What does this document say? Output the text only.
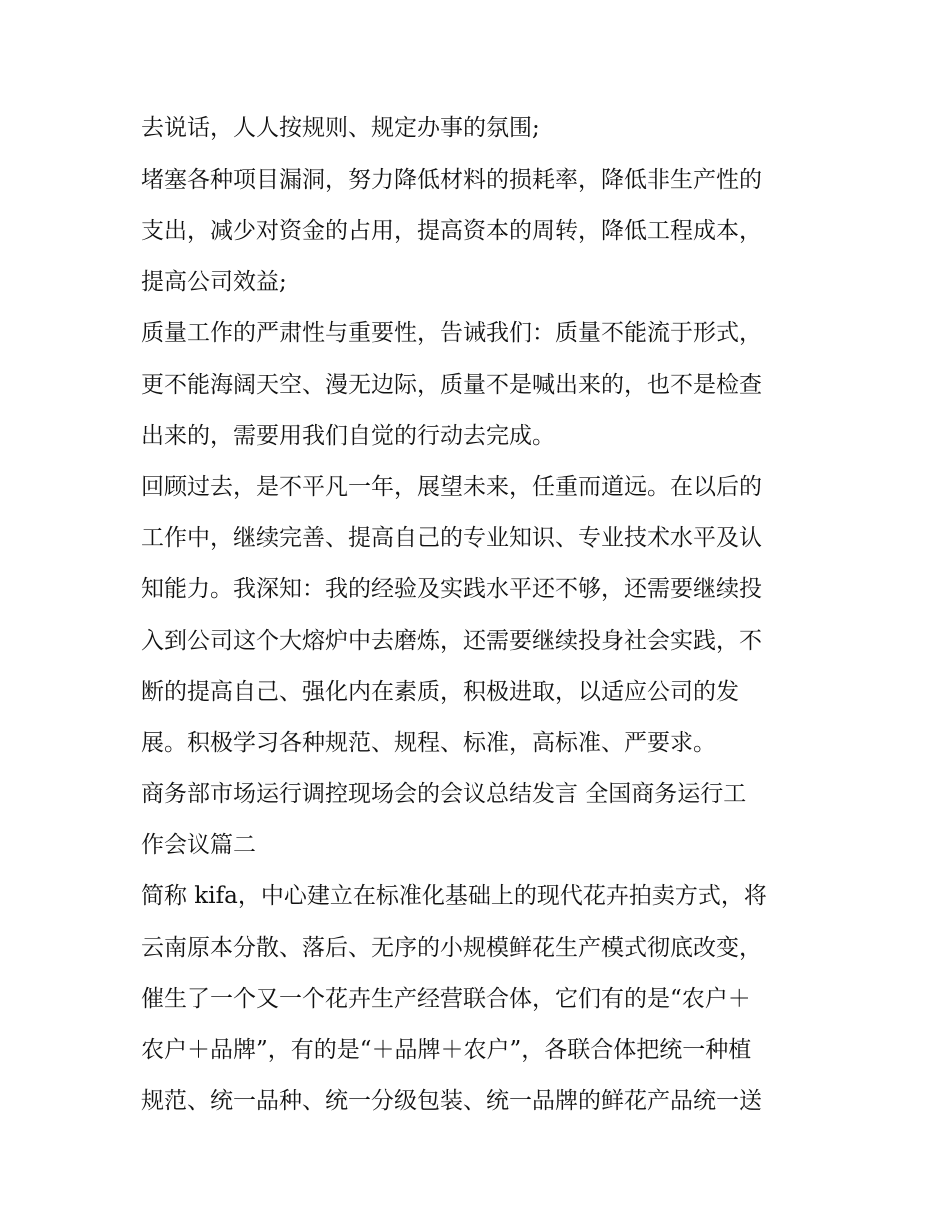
去说话，人人按规则、规定办事的氛围;

堵塞各种项目漏洞，努力降低材料的损耗率，降低非生产性的

支出，减少对资金的占用，提高资本的周转，降低工程成本，

提高公司效益;

质量工作的严肃性与重要性，告诫我们：质量不能流于形式，

更不能海阔天空、漫无边际，质量不是喊出来的，也不是检查

出来的，需要用我们自觉的行动去完成。

回顾过去，是不平凡一年，展望未来，任重而道远。在以后的

工作中，继续完善、提高自己的专业知识、专业技术水平及认

知能力。我深知：我的经验及实践水平还不够，还需要继续投

入到公司这个大熔炉中去磨炼，还需要继续投身社会实践，不

断的提高自己、强化内在素质，积极进取，以适应公司的发

展。积极学习各种规范、规程、标准，高标准、严要求。

商务部市场运行调控现场会的会议总结发言 全国商务运行工

作会议篇二

简称 kifa，中心建立在标准化基础上的现代花卉拍卖方式，将

云南原本分散、落后、无序的小规模鲜花生产模式彻底改变，

催生了一个又一个花卉生产经营联合体，它们有的是“农户＋

农户＋品牌”，有的是“＋品牌＋农户”，各联合体把统一种植

规范、统一品种、统一分级包装、统一品牌的鲜花产品统一送
